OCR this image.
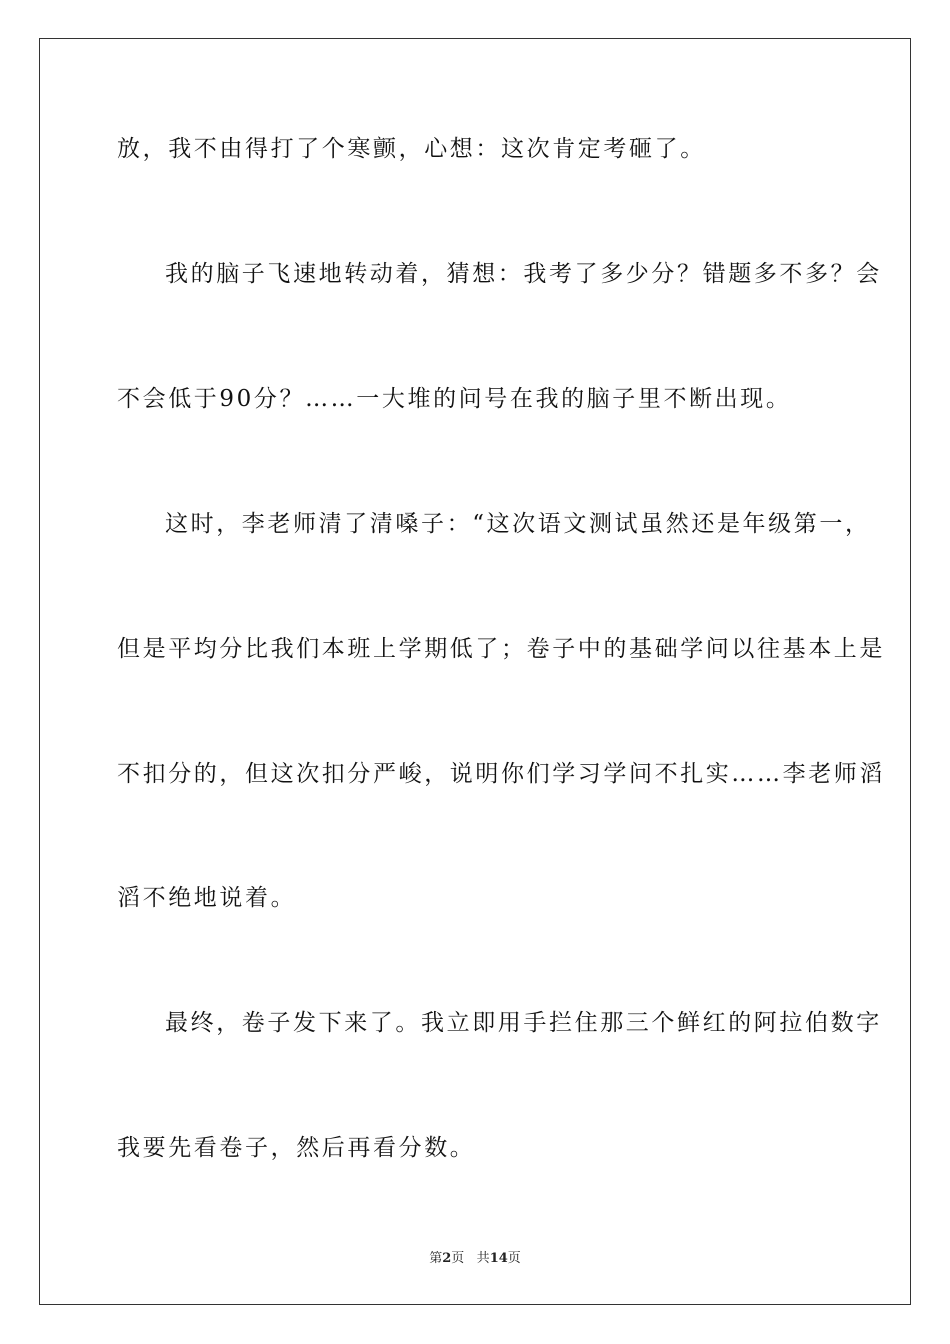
放，我不由得打了个寒颤，心想：这次肯定考砸了。
我的脑子飞速地转动着，猜想：我考了多少分？错题多不多？会
不会低于90分？……一大堆的问号在我的脑子里不断出现。
这时，李老师清了清嗓子：“这次语文测试虽然还是年级第一，
但是平均分比我们本班上学期低了；卷子中的基础学问以往基本上是
不扣分的，但这次扣分严峻，说明你们学习学问不扎实……李老师滔
滔不绝地说着。
最终，卷子发下来了。我立即用手拦住那三个鲜红的阿拉伯数字
我要先看卷子，然后再看分数。
第2页 共14页
